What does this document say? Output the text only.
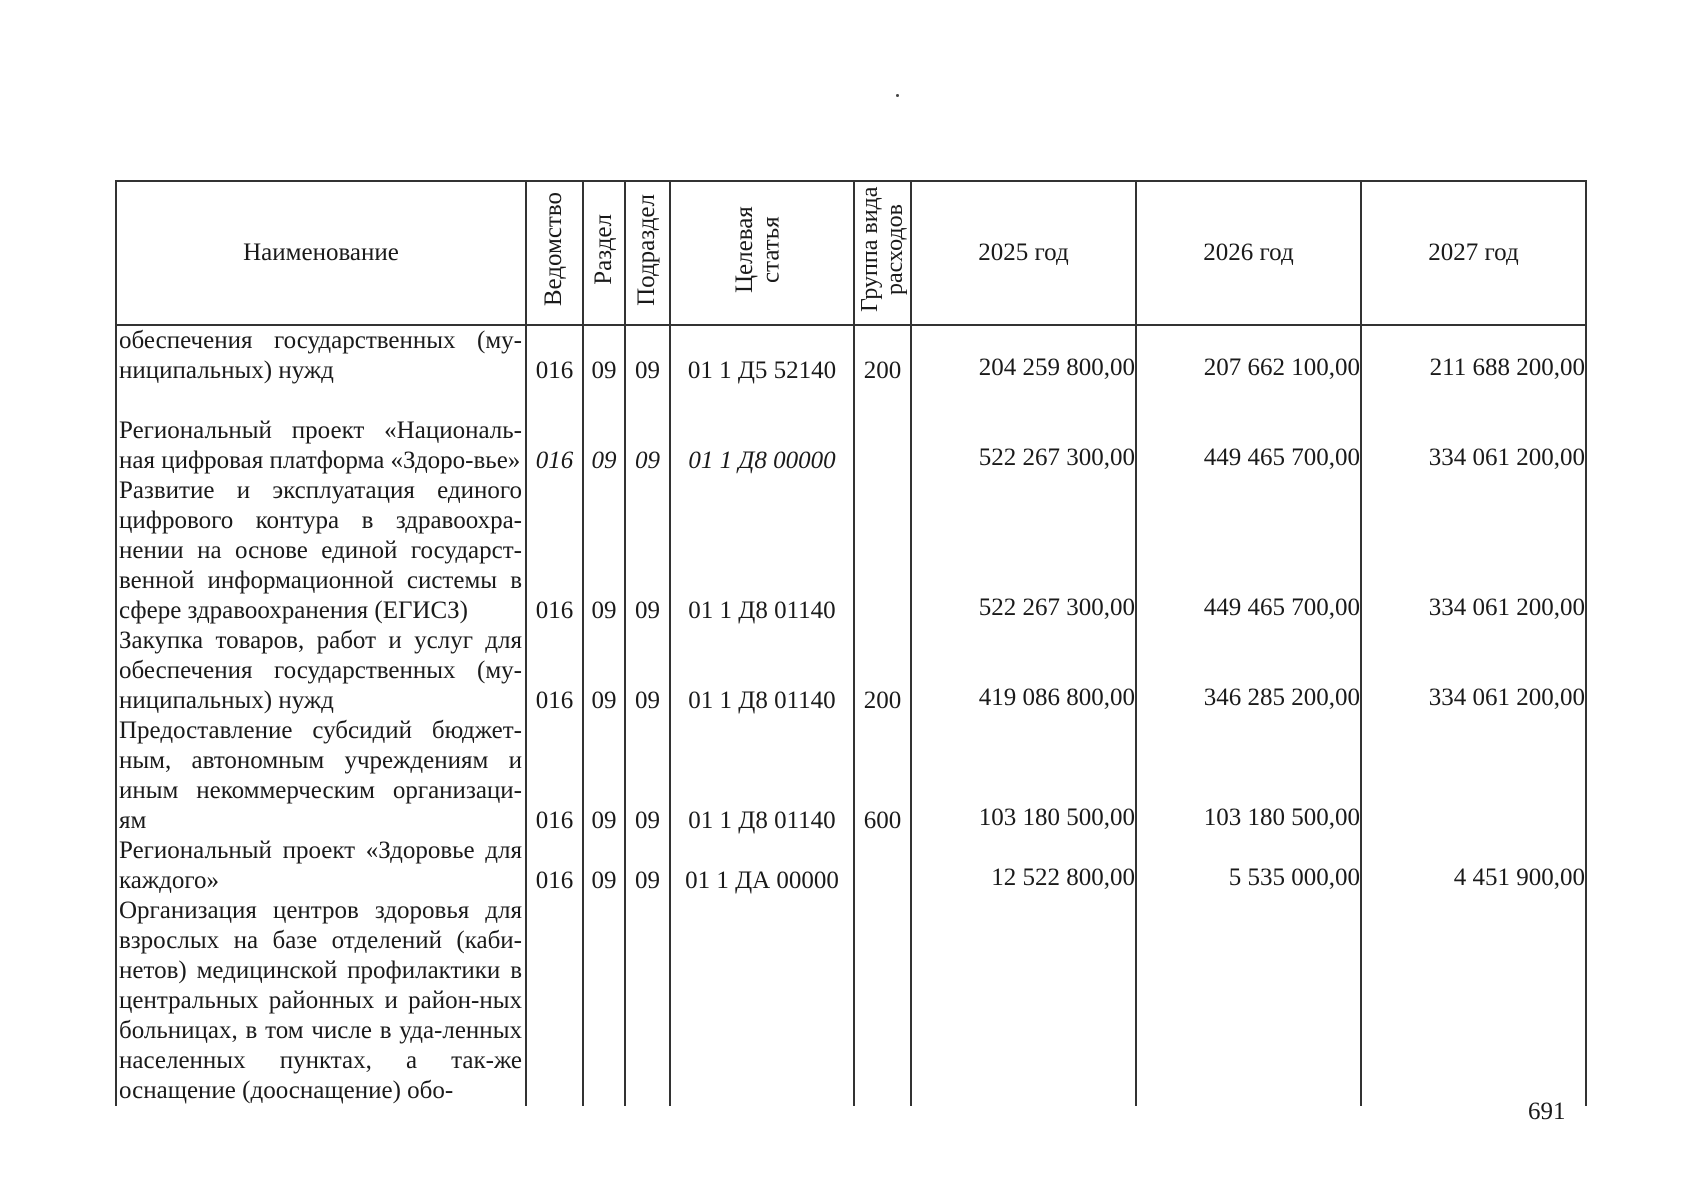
Наименование	Ведомство	Раздел	Подраздел	Целевая статья	Группа вида расходов	2025 год	2026 год	2027 год
обеспечения государственных (му-ниципальных) нужд	016	09	09	01 1 Д5 52140	200	204 259 800,00	207 662 100,00	211 688 200,00
Региональный проект «Националь-ная цифровая платформа «Здоро-вье»	016	09	09	01 1 Д8 00000		522 267 300,00	449 465 700,00	334 061 200,00
Развитие и эксплуатация единого цифрового контура в здравоохра-нении на основе единой государст-венной информационной системы в сфере здравоохранения (ЕГИСЗ)	016	09	09	01 1 Д8 01140		522 267 300,00	449 465 700,00	334 061 200,00
Закупка товаров, работ и услуг для обеспечения государственных (му-ниципальных) нужд	016	09	09	01 1 Д8 01140	200	419 086 800,00	346 285 200,00	334 061 200,00
Предоставление субсидий бюджет-ным, автономным учреждениям и иным некоммерческим организаци-ям	016	09	09	01 1 Д8 01140	600	103 180 500,00	103 180 500,00	
Региональный проект «Здоровье для каждого»	016	09	09	01 1 ДА 00000		12 522 800,00	5 535 000,00	4 451 900,00
Организация центров здоровья для взрослых на базе отделений (каби-нетов) медицинской профилактики в центральных районных и район-ных больницах, в том числе в уда-ленных населенных пунктах, а так-же оснащение (дооснащение) обо-								
691
